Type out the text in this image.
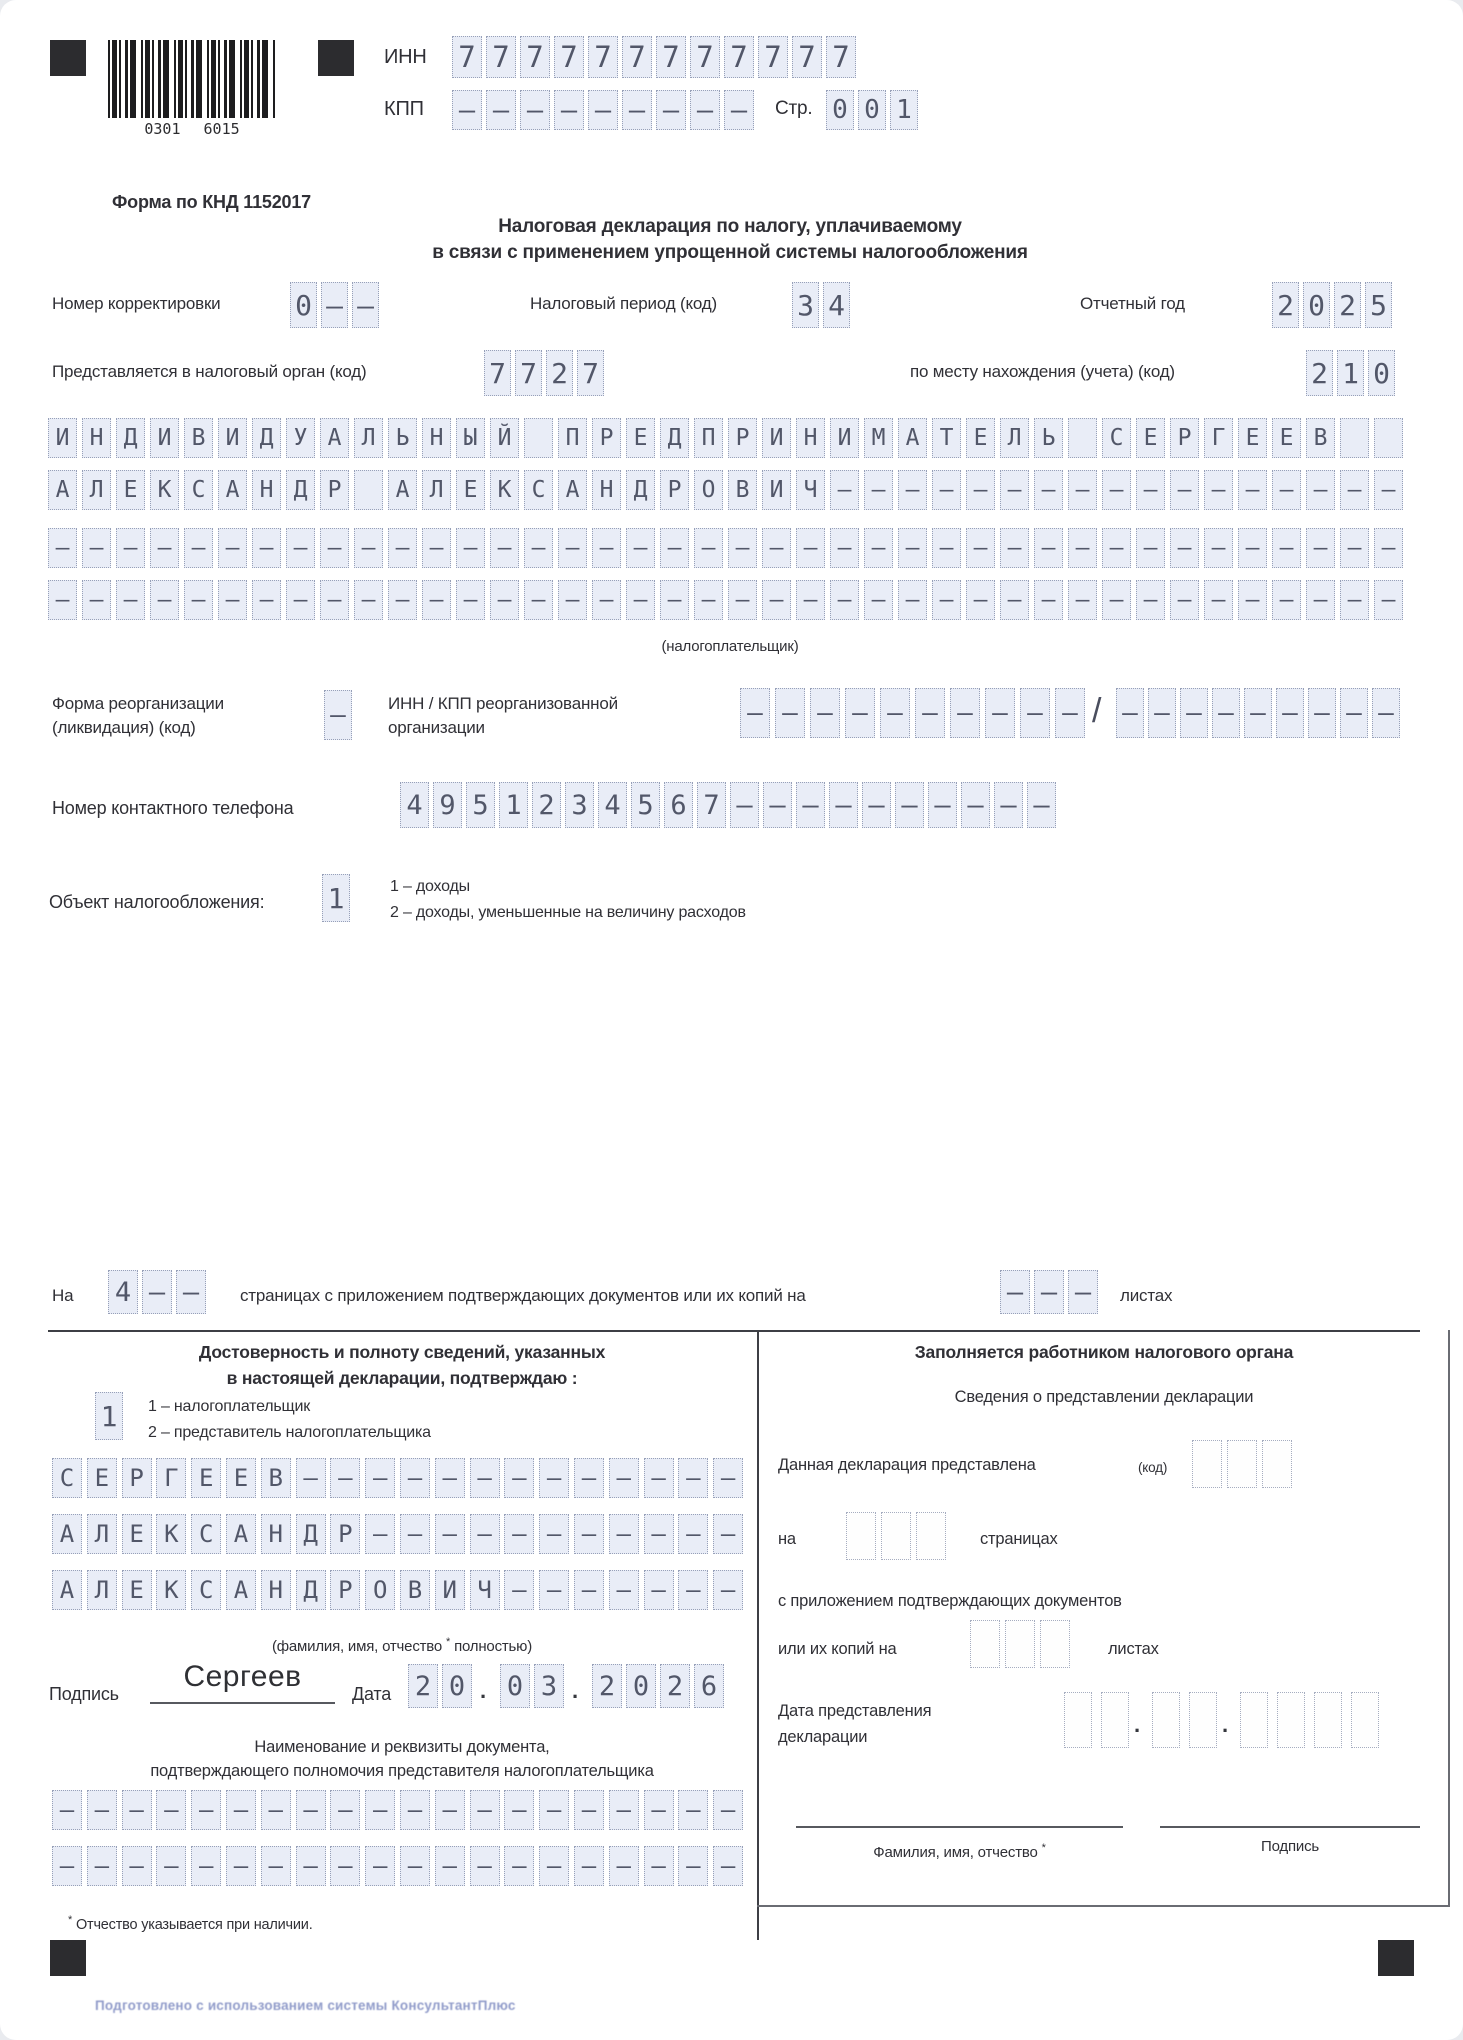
0301 6015
ИНН 7 7 7 7 7 7 7 7 7 7 7 7
КПП – – – – – – – – –	Стр. 0 0 1
Форма по КНД 1152017
Налоговая декларация по налогу, уплачиваемому
в связи с применением упрощенной системы налогообложения
Номер корректировки	0 – –	Налоговый период (код)	3 4	Отчетный год	2 0 2 5
Представляется в налоговый орган (код)	7 7 2 7	по месту нахождения (учета) (код)	2 1 0
И Н Д И В И Д У А Л Ь Н Ы Й	П Р Е Д П Р И Н И М А Т Е Л Ь	С Е Р Г Е Е В
А Л Е К С А Н Д Р	А Л Е К С А Н Д Р О В И Ч – – – – – – – – – – – – – – – – –
– – – – – – – – – – – – – – – – – – – – – – – – – – – – – – – – – – – – – – – –
– – – – – – – – – – – – – – – – – – – – – – – – – – – – – – – – – – – – – – – –
(налогоплательщик)
Форма реорганизации
(ликвидация) (код)	–	ИНН / КПП реорганизованной
организации	– – – – – – – – – – / – – – – – – – – –
Номер контактного телефона	4 9 5 1 2 3 4 5 6 7 – – – – – – – – – –
Объект налогообложения: 1	1 – доходы
2 – доходы, уменьшенные на величину расходов
На 4 – –	страницах с приложением подтверждающих документов или их копий на	– – –	листах
Достоверность и полноту сведений, указанных
в настоящей декларации, подтверждаю :
1	1 – налогоплательщик
2 – представитель налогоплательщика
С Е Р Г Е Е В – – – – – – – – – – – – –
А Л Е К С А Н Д Р – – – – – – – – – – –
А Л Е К С А Н Д Р О В И Ч – – – – – – –
(фамилия, имя, отчество * полностью)
Подпись
Сергеев
Дата 2 0 . 0 3 . 2 0 2 6
Наименование и реквизиты документа,
подтверждающего полномочия представителя налогоплательщика
– – – – – – – – – – – – – – – – – – – –
– – – – – – – – – – – – – – – – – – – –
* Отчество указывается при наличии.
Заполняется работником налогового органа
Сведения о представлении декларации
Данная декларация представлена	(код)
на	страницах
с приложением подтверждающих документов
или их копий на	листах
Дата представления
декларации	.	.
Фамилия, имя, отчество *	Подпись
Подготовлено с использованием системы КонсультантПлюс
